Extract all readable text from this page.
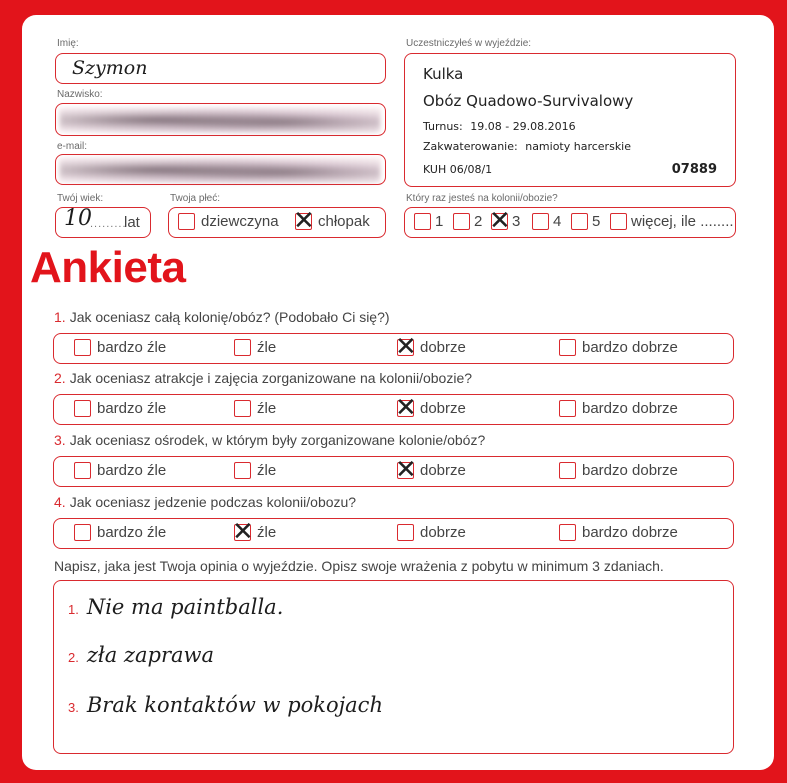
Imię:
Szymon
Nazwisko:
e-mail:
Twój wiek:
10
.........
lat
Twoja płeć:
dziewczyna ✕ chłopak
Uczestniczyłeś w wyjeździe:
Kulka
Obóz Quadowo-Survivalowy
Turnus: 19.08 - 29.08.2016
Zakwaterowanie: namioty harcerskie
KUH 06/08/1	07889
Który raz jesteś na kolonii/obozie?
1 2 ✕ 3 4 5 więcej, ile ........
Ankieta
1. Jak oceniasz całą kolonię/obóz? (Podobało Ci się?)
bardzo źle	źle	✕ dobrze	bardzo dobrze
2. Jak oceniasz atrakcje i zajęcia zorganizowane na kolonii/obozie?
bardzo źle	źle	✕ dobrze	bardzo dobrze
3. Jak oceniasz ośrodek, w którym były zorganizowane kolonie/obóz?
bardzo źle	źle	✕ dobrze	bardzo dobrze
4. Jak oceniasz jedzenie podczas kolonii/obozu?
bardzo źle	✕ źle	dobrze	bardzo dobrze
Napisz, jaka jest Twoja opinia o wyjeździe. Opisz swoje wrażenia z pobytu w minimum 3 zdaniach.
1. Nie ma paintballa.
2. zła zaprawa
3. Brak kontaktów w pokojach
